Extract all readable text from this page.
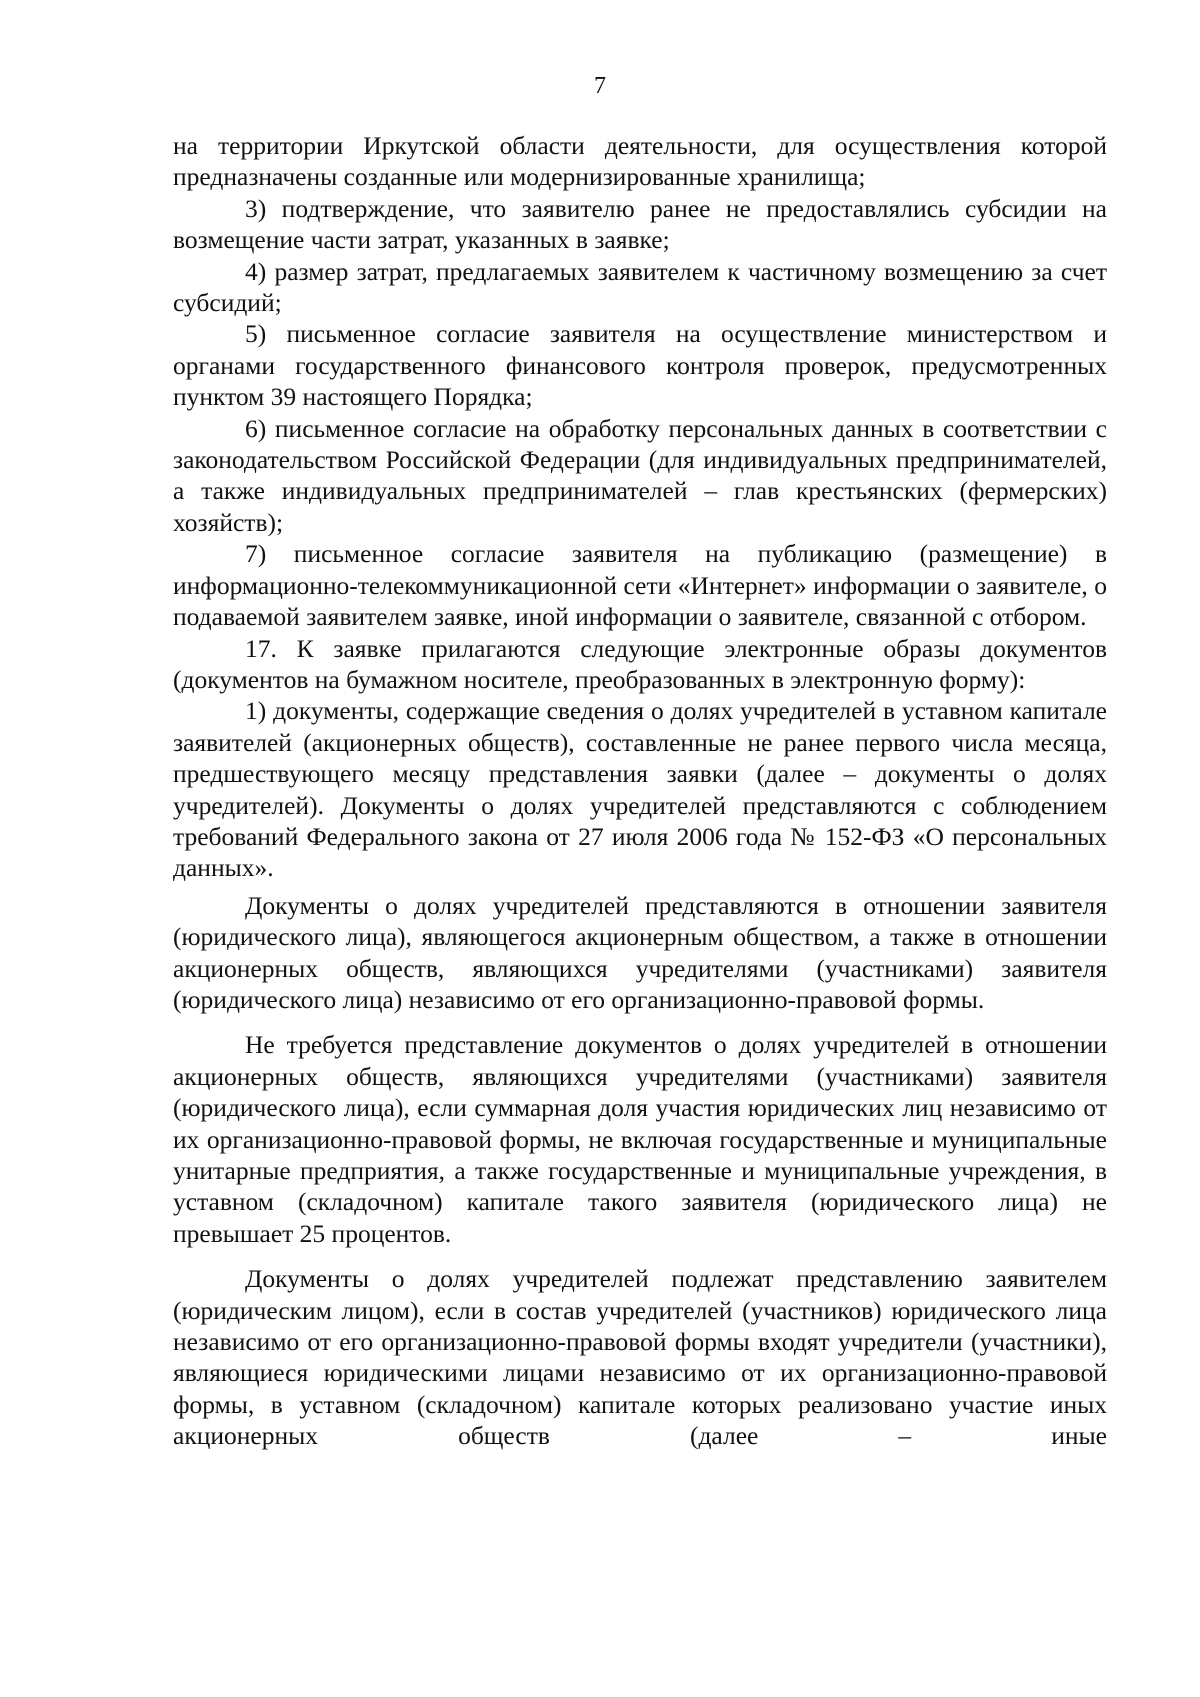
7

на территории Иркутской области деятельности, для осуществления которой предназначены созданные или модернизированные хранилища;

3) подтверждение, что заявителю ранее не предоставлялись субсидии на возмещение части затрат, указанных в заявке;

4) размер затрат, предлагаемых заявителем к частичному возмещению за счет субсидий;

5) письменное согласие заявителя на осуществление министерством и органами государственного финансового контроля проверок, предусмотренных пунктом 39 настоящего Порядка;

6) письменное согласие на обработку персональных данных в соответствии с законодательством Российской Федерации (для индивидуальных предпринимателей, а также индивидуальных предпринимателей – глав крестьянских (фермерских) хозяйств);

7) письменное согласие заявителя на публикацию (размещение) в информационно-телекоммуникационной сети «Интернет» информации о заявителе, о подаваемой заявителем заявке, иной информации о заявителе, связанной с отбором.

17. К заявке прилагаются следующие электронные образы документов (документов на бумажном носителе, преобразованных в электронную форму):

1) документы, содержащие сведения о долях учредителей в уставном капитале заявителей (акционерных обществ), составленные не ранее первого числа месяца, предшествующего месяцу представления заявки (далее – документы о долях учредителей). Документы о долях учредителей представляются с соблюдением требований Федерального закона от 27 июля 2006 года № 152-ФЗ «О персональных данных».

Документы о долях учредителей представляются в отношении заявителя (юридического лица), являющегося акционерным обществом, а также в отношении акционерных обществ, являющихся учредителями (участниками) заявителя (юридического лица) независимо от его организационно-правовой формы.

Не требуется представление документов о долях учредителей в отношении акционерных обществ, являющихся учредителями (участниками) заявителя (юридического лица), если суммарная доля участия юридических лиц независимо от их организационно-правовой формы, не включая государственные и муниципальные унитарные предприятия, а также государственные и муниципальные учреждения, в уставном (складочном) капитале такого заявителя (юридического лица) не превышает 25 процентов.

Документы о долях учредителей подлежат представлению заявителем (юридическим лицом), если в состав учредителей (участников) юридического лица независимо от его организационно-правовой формы входят учредители (участники), являющиеся юридическими лицами независимо от их организационно-правовой формы, в уставном (складочном) капитале которых реализовано участие иных акционерных обществ (далее – иные
